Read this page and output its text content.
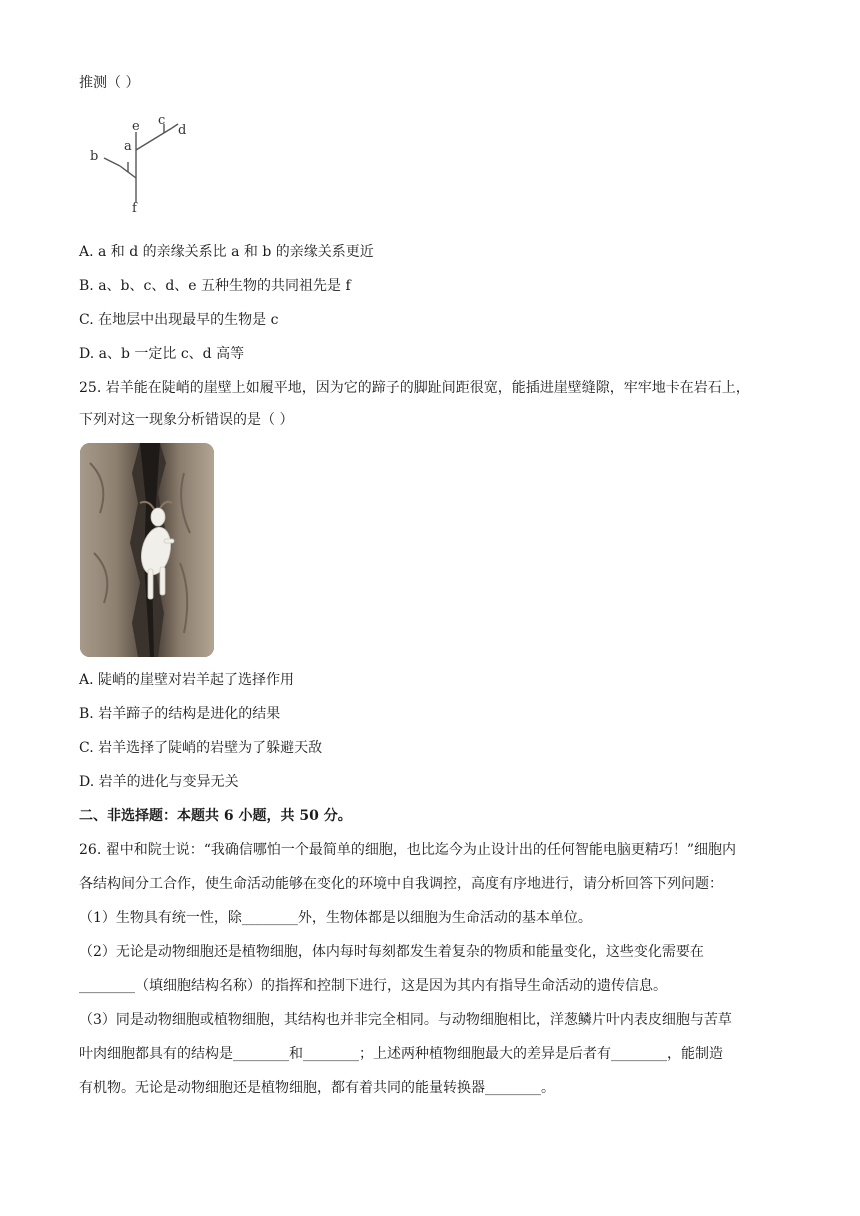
推测（ ）
e c
d
a
b
f
A. a 和 d 的亲缘关系比 a 和 b 的亲缘关系更近
B. a、b、c、d、e 五种生物的共同祖先是 f
C. 在地层中出现最早的生物是 c
D. a、b 一定比 c、d 高等
25. 岩羊能在陡峭的崖壁上如履平地，因为它的蹄子的脚趾间距很宽，能插进崖壁缝隙，牢牢地卡在岩石上，
下列对这一现象分析错误的是（ ）
A. 陡峭的崖壁对岩羊起了选择作用
B. 岩羊蹄子的结构是进化的结果
C. 岩羊选择了陡峭的岩壁为了躲避天敌
D. 岩羊的进化与变异无关
二、非选择题：本题共 6 小题，共 50 分。
26. 翟中和院士说：“我确信哪怕一个最简单的细胞，也比迄今为止设计出的任何智能电脑更精巧！”细胞内
各结构间分工合作，使生命活动能够在变化的环境中自我调控，高度有序地进行，请分析回答下列问题：
（1）生物具有统一性，除________外，生物体都是以细胞为生命活动的基本单位。
（2）无论是动物细胞还是植物细胞，体内每时每刻都发生着复杂的物质和能量变化，这些变化需要在
________（填细胞结构名称）的指挥和控制下进行，这是因为其内有指导生命活动的遗传信息。
（3）同是动物细胞或植物细胞，其结构也并非完全相同。与动物细胞相比，洋葱鳞片叶内表皮细胞与苦草
叶肉细胞都具有的结构是________和________；上述两种植物细胞最大的差异是后者有________，能制造
有机物。无论是动物细胞还是植物细胞，都有着共同的能量转换器________。
